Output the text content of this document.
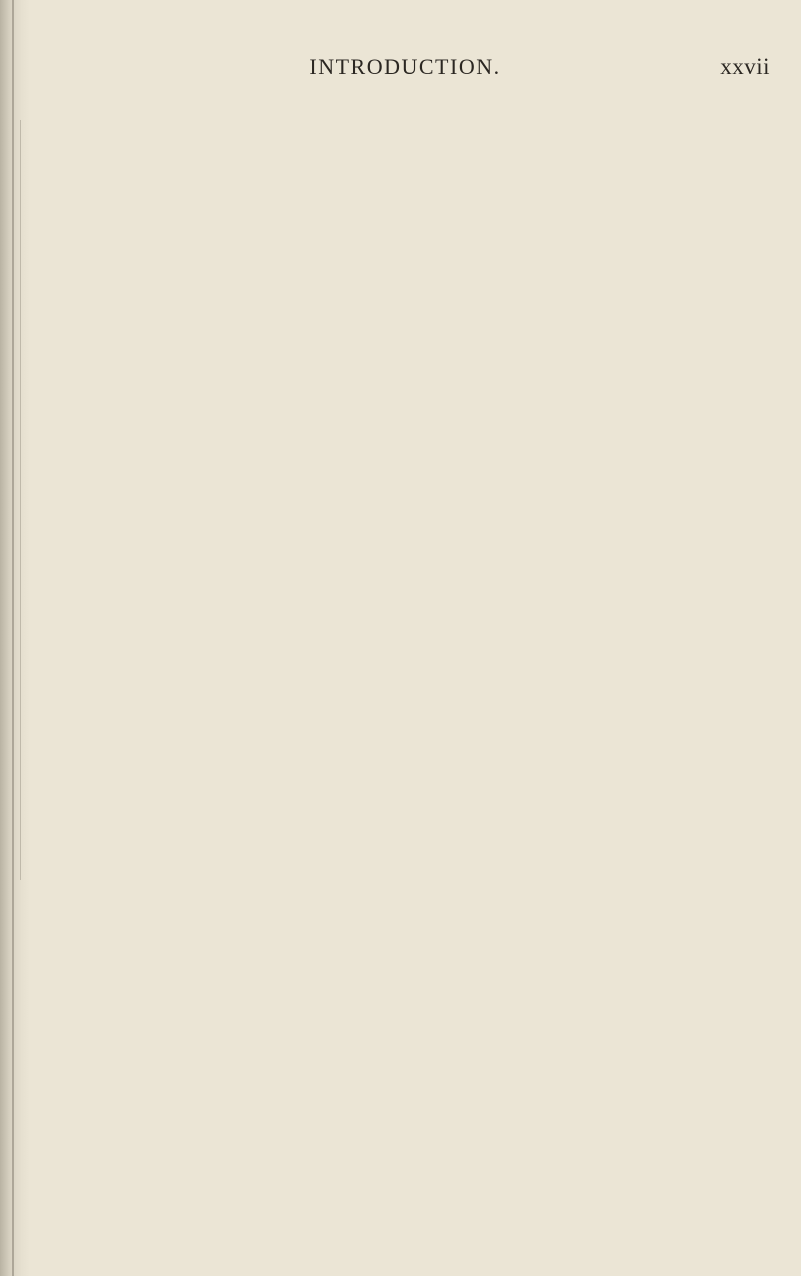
INTRODUCTION.	xxvii
